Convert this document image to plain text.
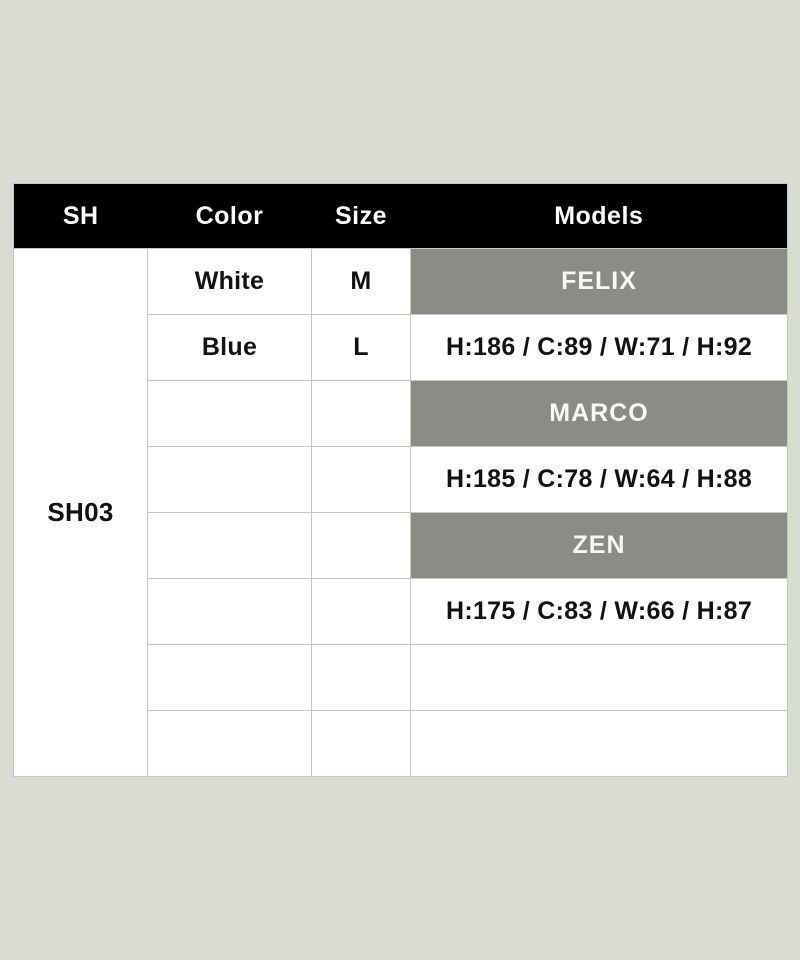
SH	Color	Size	Models
SH03	White	M	FELIX
	Blue	L	H:186 / C:89 / W:71 / H:92
			MARCO
			H:185 / C:78 / W:64 / H:88
			ZEN
			H:175 / C:83 / W:66 / H:87
